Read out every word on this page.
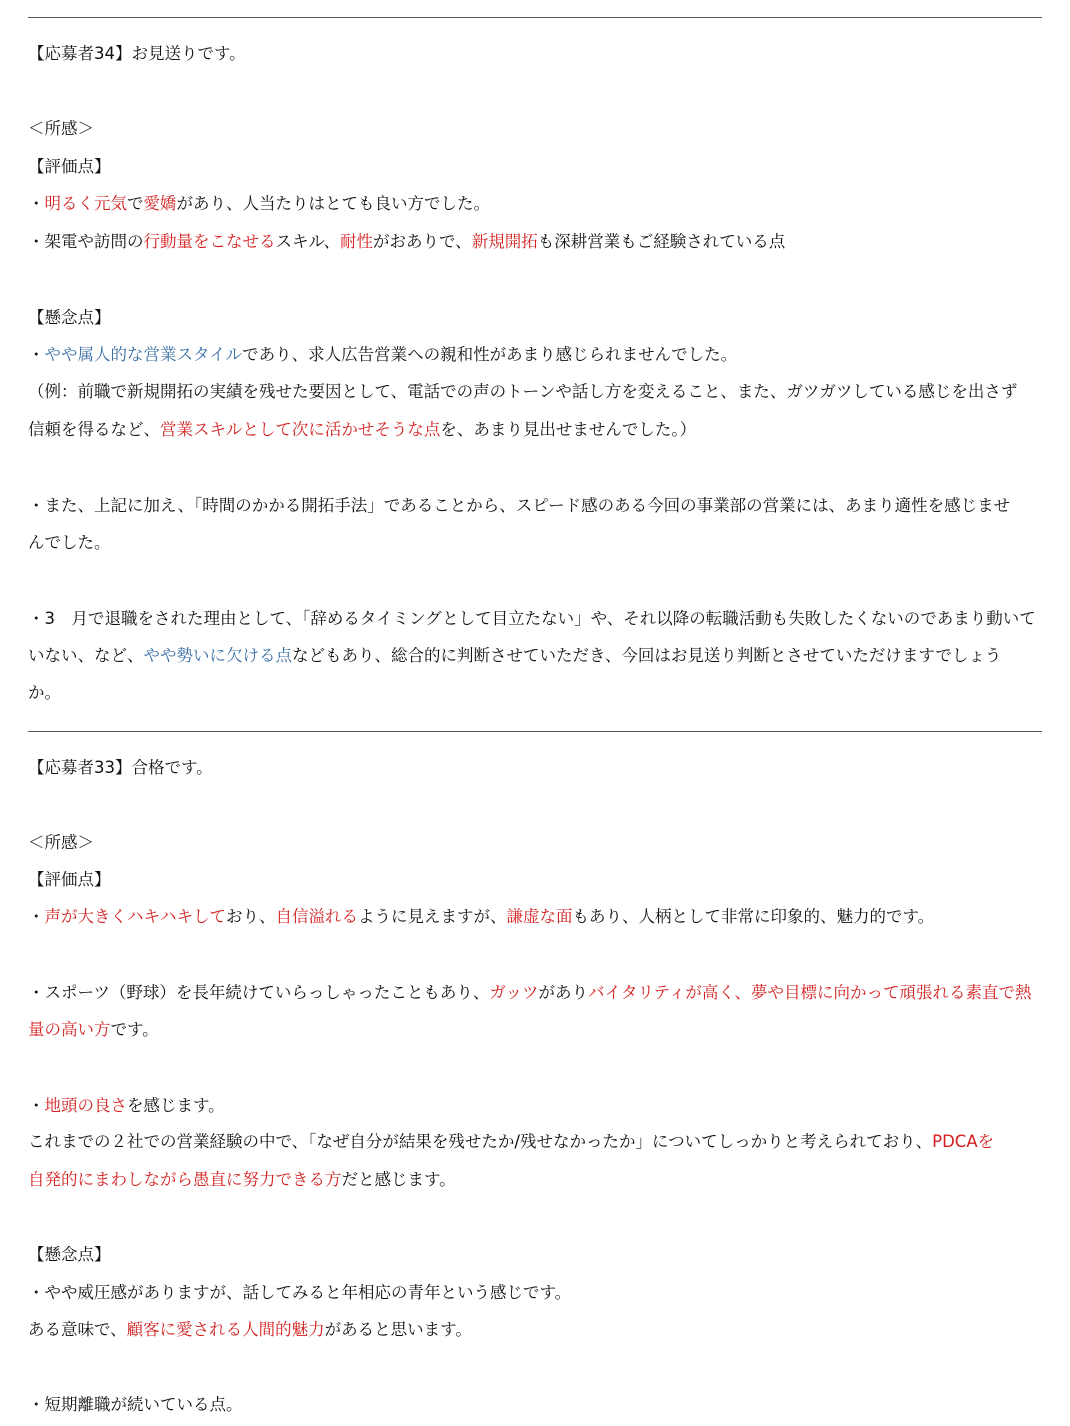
【応募者34】お見送りです。
＜所感＞
【評価点】
・明るく元気で愛嬌があり、人当たりはとても良い方でした。
・架電や訪問の行動量をこなせるスキル、耐性がおありで、新規開拓も深耕営業もご経験されている点
【懸念点】
・やや属人的な営業スタイルであり、求人広告営業への親和性があまり感じられませんでした。
（例：前職で新規開拓の実績を残せた要因として、電話での声のトーンや話し方を変えること、また、ガツガツしている感じを出さず
信頼を得るなど、営業スキルとして次に活かせそうな点を、あまり見出せませんでした。）
・また、上記に加え、「時間のかかる開拓手法」であることから、スピード感のある今回の事業部の営業には、あまり適性を感じませ
んでした。
・3　月で退職をされた理由として、「辞めるタイミングとして目立たない」や、それ以降の転職活動も失敗したくないのであまり動いて
いない、など、やや勢いに欠ける点などもあり、総合的に判断させていただき、今回はお見送り判断とさせていただけますでしょう
か。
【応募者33】合格です。
＜所感＞
【評価点】
・声が大きくハキハキしており、自信溢れるように見えますが、謙虚な面もあり、人柄として非常に印象的、魅力的です。
・スポーツ（野球）を長年続けていらっしゃったこともあり、ガッツがありバイタリティが高く、夢や目標に向かって頑張れる素直で熱
量の高い方です。
・地頭の良さを感じます。
これまでの２社での営業経験の中で、「なぜ自分が結果を残せたか/残せなかったか」についてしっかりと考えられており、PDCAを
自発的にまわしながら愚直に努力できる方だと感じます。
【懸念点】
・やや威圧感がありますが、話してみると年相応の青年という感じです。
ある意味で、顧客に愛される人間的魅力があると思います。
・短期離職が続いている点。
